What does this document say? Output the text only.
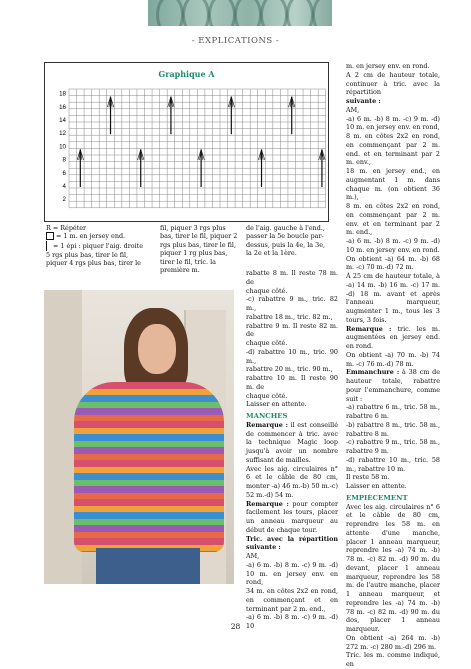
- EXPLICATIONS -
Graphique A
18
16
14
12
10
8
6
4
2
R = Répéter
= 1 m. en jersey end.
= 1 épi : piquer l'aig. droite 5 rgs plus bas, tirer le fil, piquer 4 rgs plus bas, tirer le
fil, piquer 3 rgs plus bas, tirer le fil, piquer 2 rgs plus bas, tirer le fil, piquer 1 rg plus bas, tirer le fil, tric. la première m.
de l'aig. gauche à l'end., passer la 5e boucle par-dessus, puis la 4e, la 3e, la 2e et la 1ère.

rabatte 8 m. Il reste 78 m. de

chaque côté.

-c) rabattre 9 m., tric. 82 m.,

rabattre 18 m., tric. 82 m.,

rabattre 9 m. Il reste 82 m. de

chaque côté.

-d) rabattre 10 m., tric. 90 m.,

rabattre 20 m., tric. 90 m.,

rabattre 10 m. Il reste 90 m. de

chaque côté.

Laisser en attente.

MANCHES

Remarque : il est conseillé de commencer à tric. avec la technique Magic loop jusqu'à avoir un nombre suffisant de mailles.

Avec les aig. circulaires n° 6 et le câble de 80 cm, monter -a) 46 m.-b) 50 m.-c) 52 m.-d) 54 m.

Remarque : pour compter facilement les tours, placer un anneau marqueur au début de chaque tour.

Tric. avec la répartition suivante :

AM,

-a) 6 m. -b) 8 m. -c) 9 m. -d) 10 m. en jersey env. en rond,

34 m. en côtes 2x2 en rond, en commençant et en terminant par 2 m. end.,

-a) 6 m. -b) 8 m. -c) 9 m. -d) 10

m. en jersey env. en rond.

A 2 cm de hauteur totale, continuer à tric. avec la répartition

suivante :

AM,

-a) 6 m. -b) 8 m. -c) 9 m. -d) 10 m. en jersey env. en rond,

8 m. en côtes 2x2 en rond, en commençant par 2 m. end. et en terminant par 2 m. env.,

18 m. en jersey end., en augmentant 1 m. dans chaque m. (on obtient 36 m.),

8 m. en côtes 2x2 en rond, en commençant par 2 m. env. et en terminant par 2 m. end.,

-a) 6 m. -b) 8 m. -c) 9 m. -d) 10 m. en jersey env. en rond.

On obtient -a) 64 m. -b) 68 m. -c) 70 m.-d) 72 m.

À 25 cm de hauteur totale, à -a) 14 m. -b) 16 m. -c) 17 m. -d) 18 m. avant et après l'anneau marqueur, augmenter 1 m., tous les 3 tours, 3 fois.

Remarque : tric. les m. augmentées en jersey end. en rond.

On obtient -a) 70 m. -b) 74 m. -c) 76 m.-d) 78 m.

Emmanchure : à 38 cm de hauteur totale, rabattre pour l'emmanchure, comme suit :

-a) rabattre 6 m., tric. 58 m., rabattre 6 m.

-b) rabattre 8 m., tric. 58 m., rabattre 8 m.

-c) rabattre 9 m., tric. 58 m., rabattre 9 m.

-d) rabattre 10 m., tric. 58 m., rabattre 10 m.

Il reste 58 m.

Laisser en attente.

EMPIÈCEMENT

Avec les aig. circulaires n° 6 et le câble de 80 cm, reprendre les 58 m. en attente d'une manche, placer 1 anneau marqueur, reprendre les -a) 74 m. -b) 78 m. -c) 82 m. -d) 90 m. du devant, placer 1 anneau marqueur, reprendre les 58 m. de l'autre manche, placer 1 anneau marqueur, et reprendre les -a) 74 m. -b) 78 m. -c) 82 m. -d) 90 m. du dos, placer 1 anneau marqueur.

On obtient -a) 264 m. -b) 272 m. -c) 280 m.-d) 296 m.

Tric. les m. comme indiqué, en

28
